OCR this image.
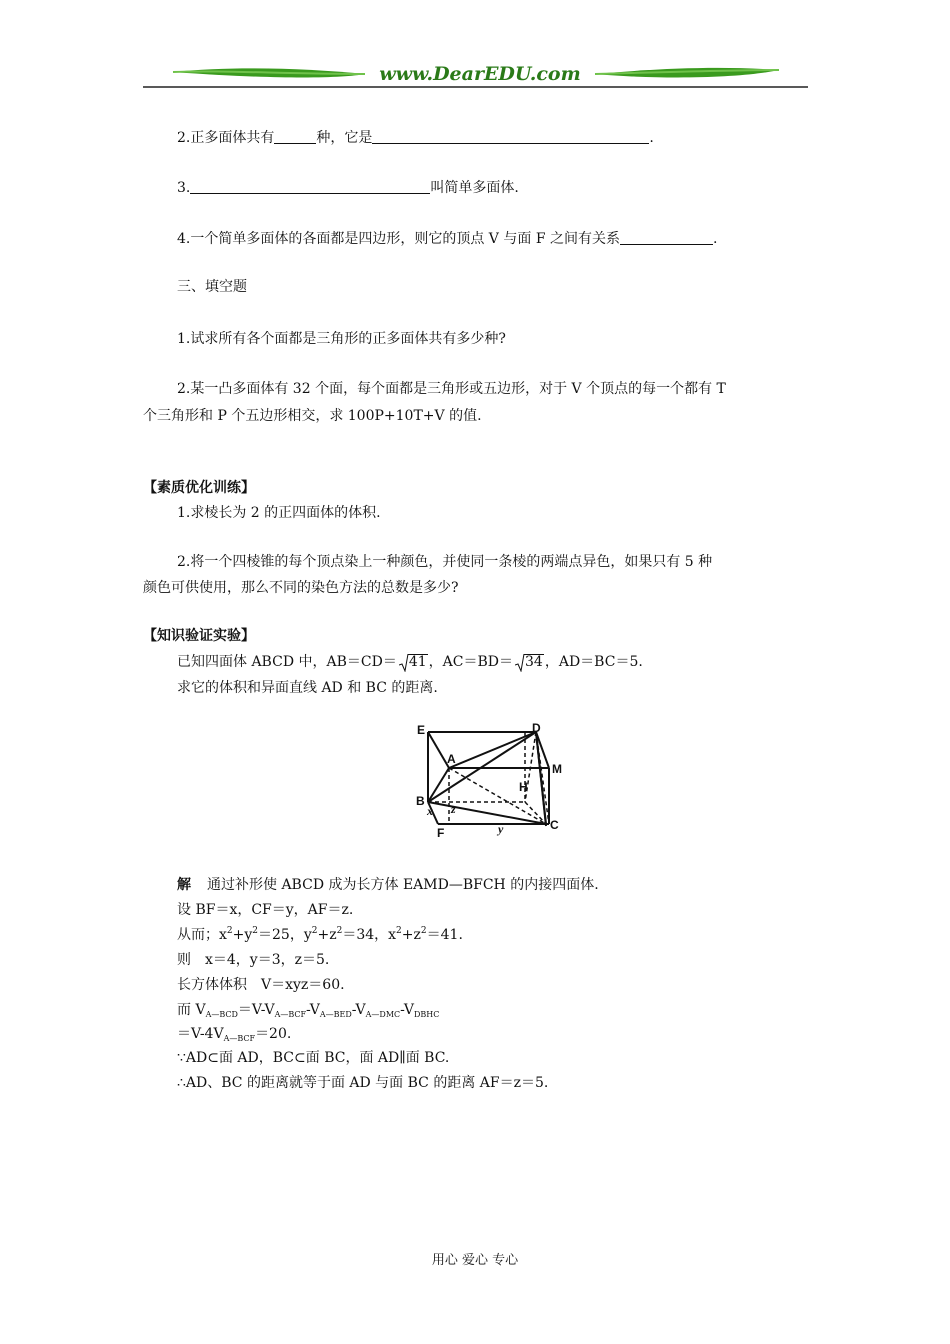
www.DearEDU.com
2.正多面体共有	种，它是	.
3.	叫简单多面体.
4.一个简单多面体的各面都是四边形，则它的顶点 V 与面 F 之间有关系	.
三、填空题
1.试求所有各个面都是三角形的正多面体共有多少种?
2.某一凸多面体有 32 个面，每个面都是三角形或五边形，对于 V 个顶点的每一个都有 T
个三角形和 P 个五边形相交，求 100P+10T+V 的值.
【素质优化训练】
1.求棱长为 2 的正四面体的体积.
2.将一个四棱锥的每个顶点染上一种颜色，并使同一条棱的两端点异色，如果只有 5 种
颜色可供使用，那么不同的染色方法的总数是多少?
【知识验证实验】
已知四面体 ABCD 中，AB＝CD＝ 41 ，AC＝BD＝ 34 ，AD＝BC＝5.
求它的体积和异面直线 AD 和 BC 的距离.
E	D
A
M
H
B
z
x
F	y	C
解 通过补形使 ABCD 成为长方体 EAMD—BFCH 的内接四面体.
设 BF＝x，CF＝y，AF＝z.
从而；$x^2+y^2=25$，$y^2+z^2=34$，$x^2+z^2=41$.
则　x＝4，y＝3，z＝5.
长方体体积　V＝xyz＝60.
而 $V_{A—BCD}=V-V_{A—BCF}-V_{A—BED}-V_{A—DMC}-V_{DBHC}$
$=V-4V_{A—BCF}=20$.
∵AD⊂面 AD，BC⊂面 BC，面 AD∥面 BC.
∴AD、BC 的距离就等于面 AD 与面 BC 的距离 AF＝z＝5.
用心 爱心 专心
